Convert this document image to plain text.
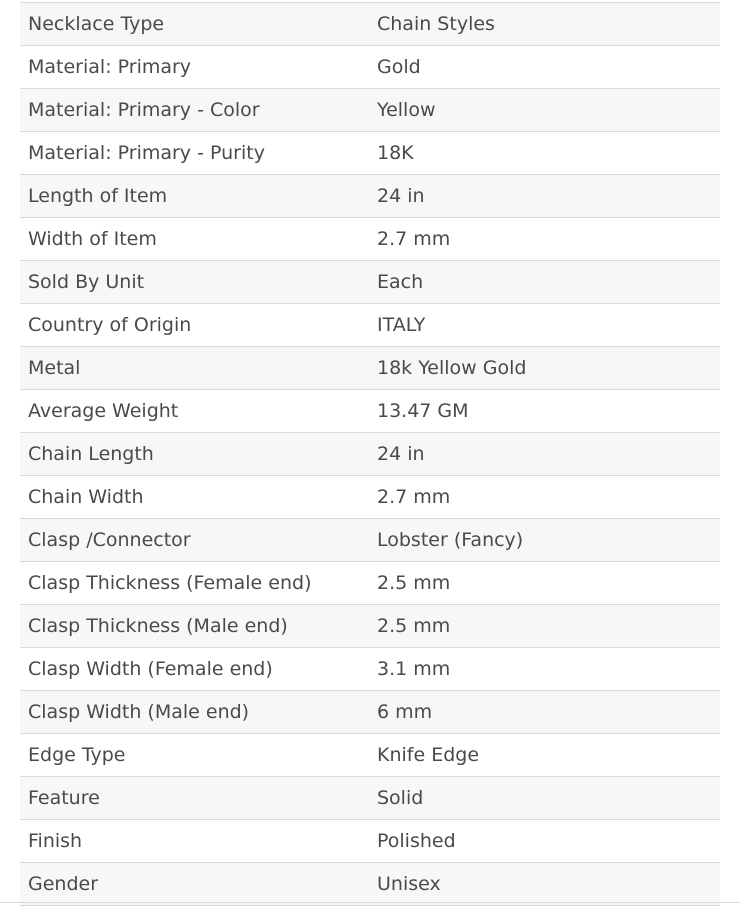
Necklace Type	Chain Styles
Material: Primary	Gold
Material: Primary - Color	Yellow
Material: Primary - Purity	18K
Length of Item	24 in
Width of Item	2.7 mm
Sold By Unit	Each
Country of Origin	ITALY
Metal	18k Yellow Gold
Average Weight	13.47 GM
Chain Length	24 in
Chain Width	2.7 mm
Clasp /Connector	Lobster (Fancy)
Clasp Thickness (Female end)	2.5 mm
Clasp Thickness (Male end)	2.5 mm
Clasp Width (Female end)	3.1 mm
Clasp Width (Male end)	6 mm
Edge Type	Knife Edge
Feature	Solid
Finish	Polished
Gender	Unisex
